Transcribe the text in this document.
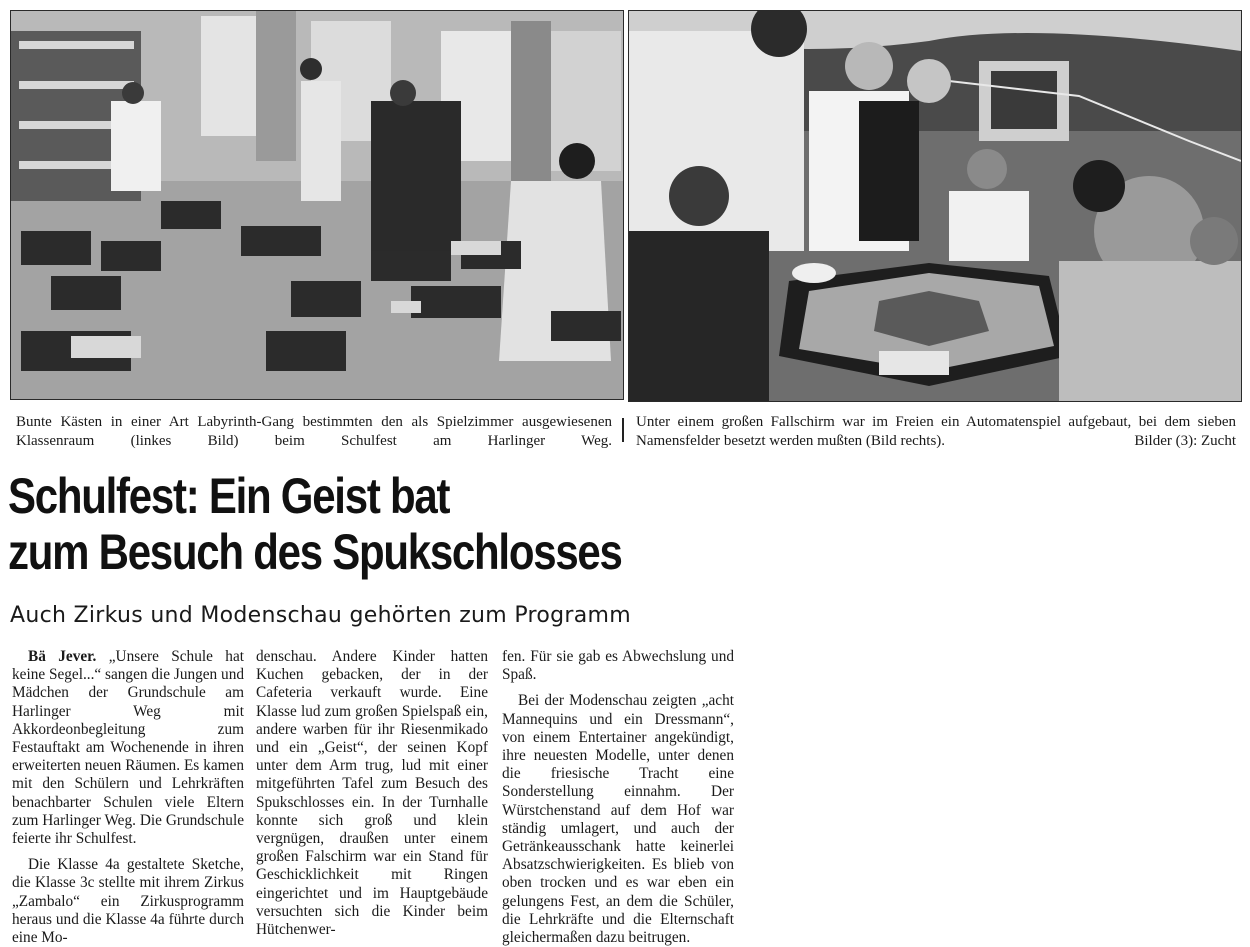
Bunte Kästen in einer Art Labyrinth-Gang bestimmten den als Spielzimmer ausgewiesenen Klassenraum (linkes Bild) beim Schulfest am Harlinger Weg.
Unter einem großen Fallschirm war im Freien ein Automatenspiel aufgebaut, bei dem sieben Namensfelder besetzt werden mußten (Bild rechts).	Bilder (3): Zucht
Schulfest: Ein Geist bat
zum Besuch des Spukschlosses
Auch Zirkus und Modenschau gehörten zum Programm

Bä Jever. „Unsere Schule hat keine Segel...“ sangen die Jungen und Mädchen der Grundschule am Harlinger Weg mit Akkordeonbegleitung zum Festauftakt am Wochenende in ihren erweiterten neuen Räumen. Es kamen mit den Schülern und Lehrkräften benachbarter Schulen viele Eltern zum Harlinger Weg. Die Grundschule feierte ihr Schulfest.

Die Klasse 4a gestaltete Sketche, die Klasse 3c stellte mit ihrem Zirkus „Zambalo“ ein Zirkusprogramm heraus und die Klasse 4a führte durch eine Mo-

denschau. Andere Kinder hatten Kuchen gebacken, der in der Cafeteria verkauft wurde. Eine Klasse lud zum großen Spielspaß ein, andere warben für ihr Riesenmikado und ein „Geist“, der seinen Kopf unter dem Arm trug, lud mit einer mitgeführten Tafel zum Besuch des Spukschlosses ein. In der Turnhalle konnte sich groß und klein vergnügen, draußen unter einem großen Falschirm war ein Stand für Geschicklichkeit mit Ringen eingerichtet und im Hauptgebäude versuchten sich die Kinder beim Hütchenwer-

fen. Für sie gab es Abwechslung und Spaß.

Bei der Modenschau zeigten „acht Mannequins und ein Dressmann“, von einem Entertainer angekündigt, ihre neuesten Modelle, unter denen die friesische Tracht eine Sonderstellung einnahm. Der Würstchenstand auf dem Hof war ständig umlagert, und auch der Getränkeausschank hatte keinerlei Absatzschwierigkeiten. Es blieb von oben trocken und es war eben ein gelungens Fest, an dem die Schüler, die Lehrkräfte und die Elternschaft gleichermaßen dazu beitrugen.
